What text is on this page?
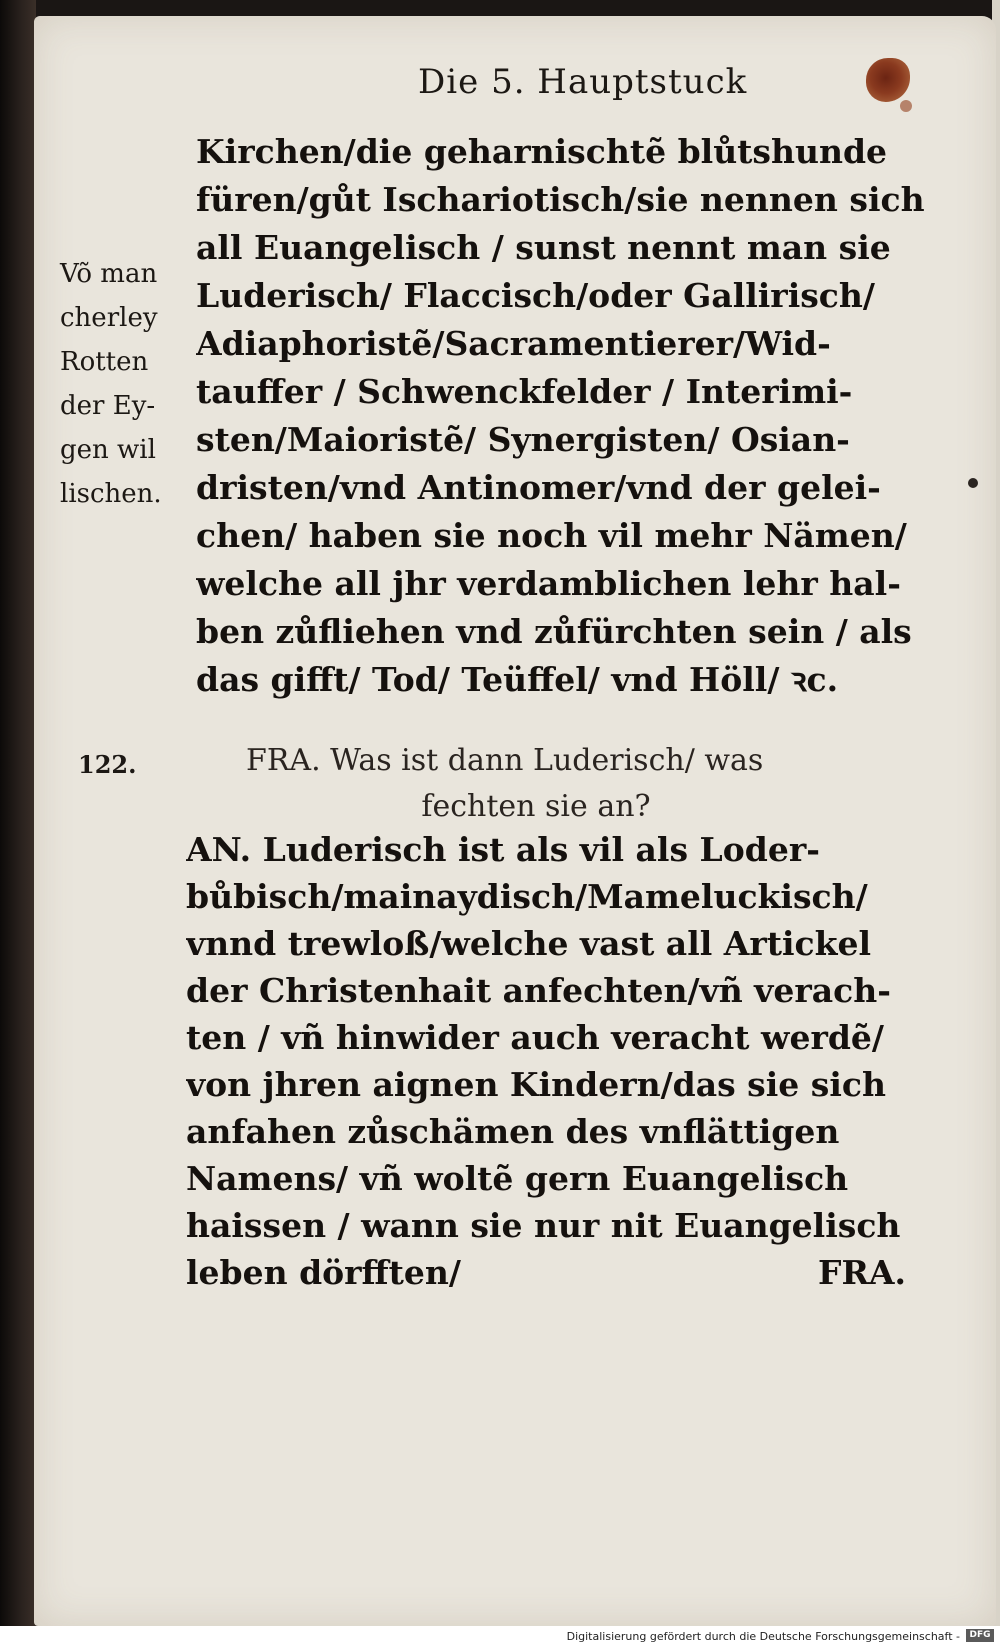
Die 5. Hauptstuck
Võ man
cherley
Rotten
der Ey-
gen wil
lischen.
Kirchen/die geharnischtẽ blůtshunde
füren/gůt Ischariotisch/sie nennen sich
all Euangelisch / sunst nennt man sie
Luderisch/ Flaccisch/oder Gallirisch/
Adiaphoristẽ/Sacramentierer/Wid-
tauffer / Schwenckfelder / Interimi-
sten/Maioristẽ/ Synergisten/ Osian-
dristen/vnd Antinomer/vnd der gelei-
chen/ haben sie noch vil mehr Nämen/
welche all jhr verdamblichen lehr hal-
ben zůfliehen vnd zůfürchten sein / als
das gifft/ Tod/ Teüffel/ vnd Höll/ ꝛc.
122.	FRA. Was ist dann Luderisch/ was
fechten sie an?
AN. Luderisch ist als vil als Loder-
bůbisch/mainaydisch/Mameluckisch/
vnnd trewloß/welche vast all Artickel
der Christenhait anfechten/vñ verach-
ten / vñ hinwider auch veracht werdẽ/
von jhren aignen Kindern/das sie sich
anfahen zůschämen des vnflättigen
Namens/ vñ woltẽ gern Euangelisch
haissen / wann sie nur nit Euangelisch
leben dörfften/	FRA.
Digitalisierung gefördert durch die Deutsche Forschungsgemeinschaft -	DFG
